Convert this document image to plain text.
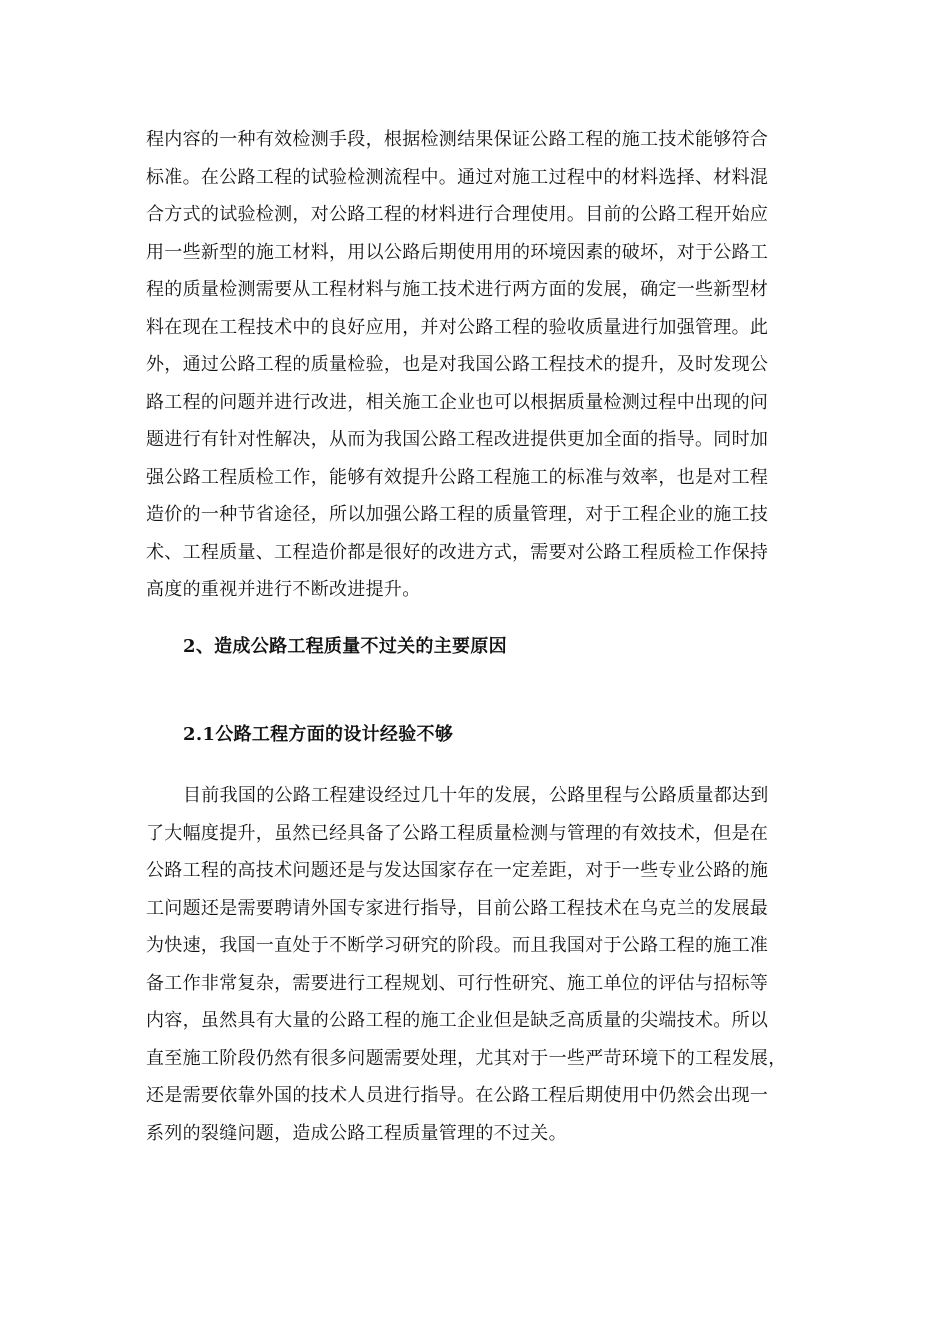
程内容的一种有效检测手段，根据检测结果保证公路工程的施工技术能够符合
标准。在公路工程的试验检测流程中。通过对施工过程中的材料选择、材料混
合方式的试验检测，对公路工程的材料进行合理使用。目前的公路工程开始应
用一些新型的施工材料，用以公路后期使用用的环境因素的破坏，对于公路工
程的质量检测需要从工程材料与施工技术进行两方面的发展，确定一些新型材
料在现在工程技术中的良好应用，并对公路工程的验收质量进行加强管理。此
外，通过公路工程的质量检验，也是对我国公路工程技术的提升，及时发现公
路工程的问题并进行改进，相关施工企业也可以根据质量检测过程中出现的问
题进行有针对性解决，从而为我国公路工程改进提供更加全面的指导。同时加
强公路工程质检工作，能够有效提升公路工程施工的标准与效率，也是对工程
造价的一种节省途径，所以加强公路工程的质量管理，对于工程企业的施工技
术、工程质量、工程造价都是很好的改进方式，需要对公路工程质检工作保持
高度的重视并进行不断改进提升。
2、造成公路工程质量不过关的主要原因
2.1公路工程方面的设计经验不够
目前我国的公路工程建设经过几十年的发展，公路里程与公路质量都达到
了大幅度提升，虽然已经具备了公路工程质量检测与管理的有效技术，但是在
公路工程的高技术问题还是与发达国家存在一定差距，对于一些专业公路的施
工问题还是需要聘请外国专家进行指导，目前公路工程技术在乌克兰的发展最
为快速，我国一直处于不断学习研究的阶段。而且我国对于公路工程的施工准
备工作非常复杂，需要进行工程规划、可行性研究、施工单位的评估与招标等
内容，虽然具有大量的公路工程的施工企业但是缺乏高质量的尖端技术。所以
直至施工阶段仍然有很多问题需要处理，尤其对于一些严苛环境下的工程发展，
还是需要依靠外国的技术人员进行指导。在公路工程后期使用中仍然会出现一
系列的裂缝问题，造成公路工程质量管理的不过关。
